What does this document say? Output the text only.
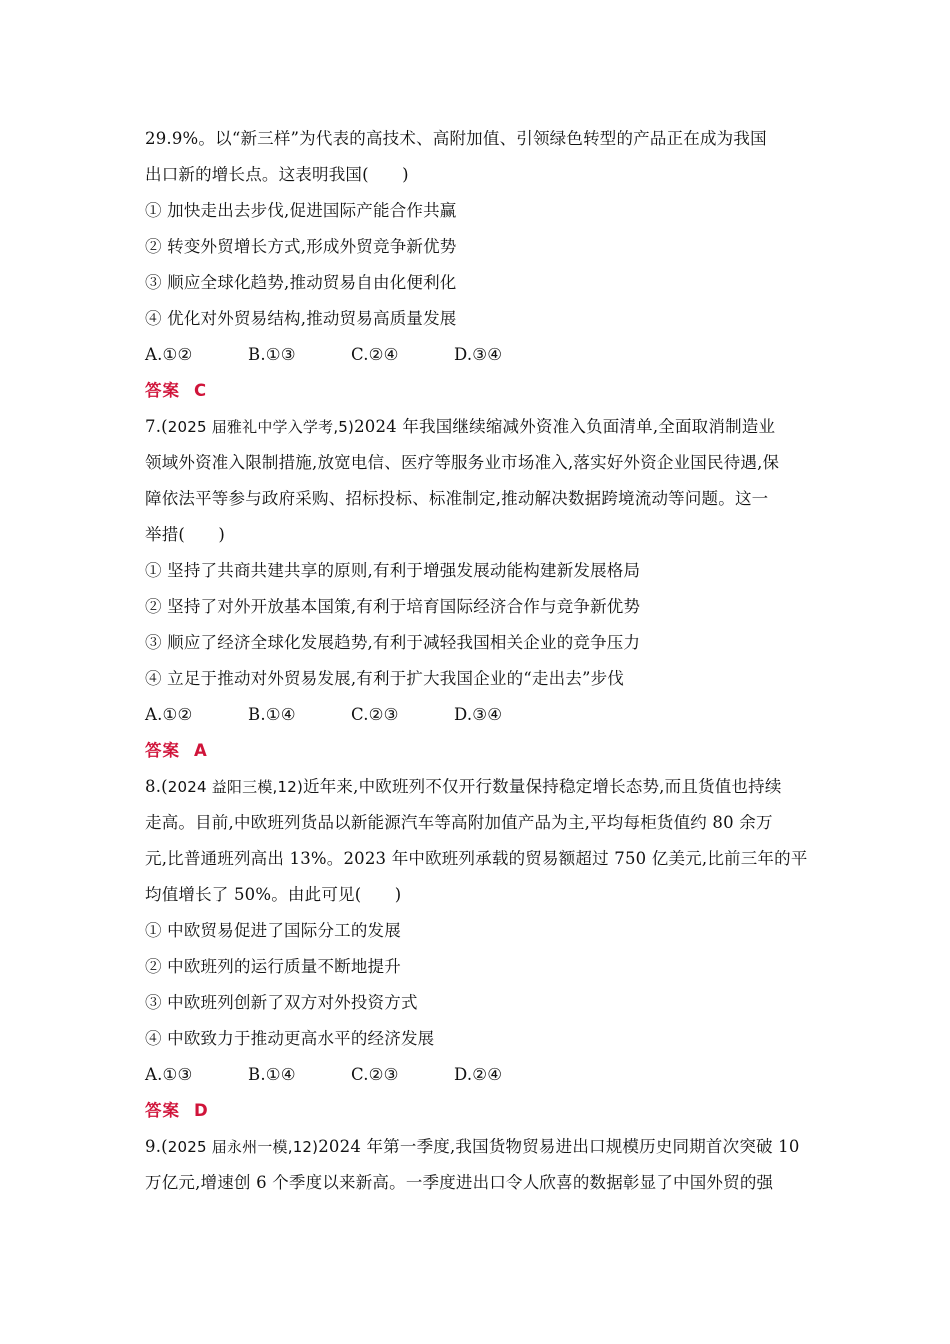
29.9%。以“新三样”为代表的高技术、高附加值、引领绿色转型的产品正在成为我国
出口新的增长点。这表明我国(　　)
① 加快走出去步伐,促进国际产能合作共赢
② 转变外贸增长方式,形成外贸竞争新优势
③ 顺应全球化趋势,推动贸易自由化便利化
④ 优化对外贸易结构,推动贸易高质量发展
A.①②	B.①③	C.②④	D.③④
答案 C
7.(2025 届雅礼中学入学考,5)2024 年我国继续缩减外资准入负面清单,全面取消制造业
领域外资准入限制措施,放宽电信、医疗等服务业市场准入,落实好外资企业国民待遇,保
障依法平等参与政府采购、招标投标、标准制定,推动解决数据跨境流动等问题。这一
举措(　　)
① 坚持了共商共建共享的原则,有利于增强发展动能构建新发展格局
② 坚持了对外开放基本国策,有利于培育国际经济合作与竞争新优势
③ 顺应了经济全球化发展趋势,有利于减轻我国相关企业的竞争压力
④ 立足于推动对外贸易发展,有利于扩大我国企业的“走出去”步伐
A.①②	B.①④	C.②③	D.③④
答案 A
8.(2024 益阳三模,12)近年来,中欧班列不仅开行数量保持稳定增长态势,而且货值也持续
走高。目前,中欧班列货品以新能源汽车等高附加值产品为主,平均每柜货值约 80 余万
元,比普通班列高出 13%。2023 年中欧班列承载的贸易额超过 750 亿美元,比前三年的平
均值增长了 50%。由此可见(　　)
① 中欧贸易促进了国际分工的发展
② 中欧班列的运行质量不断地提升
③ 中欧班列创新了双方对外投资方式
④ 中欧致力于推动更高水平的经济发展
A.①③	B.①④	C.②③	D.②④
答案 D
9.(2025 届永州一模,12)2024 年第一季度,我国货物贸易进出口规模历史同期首次突破 10
万亿元,增速创 6 个季度以来新高。一季度进出口令人欣喜的数据彰显了中国外贸的强
